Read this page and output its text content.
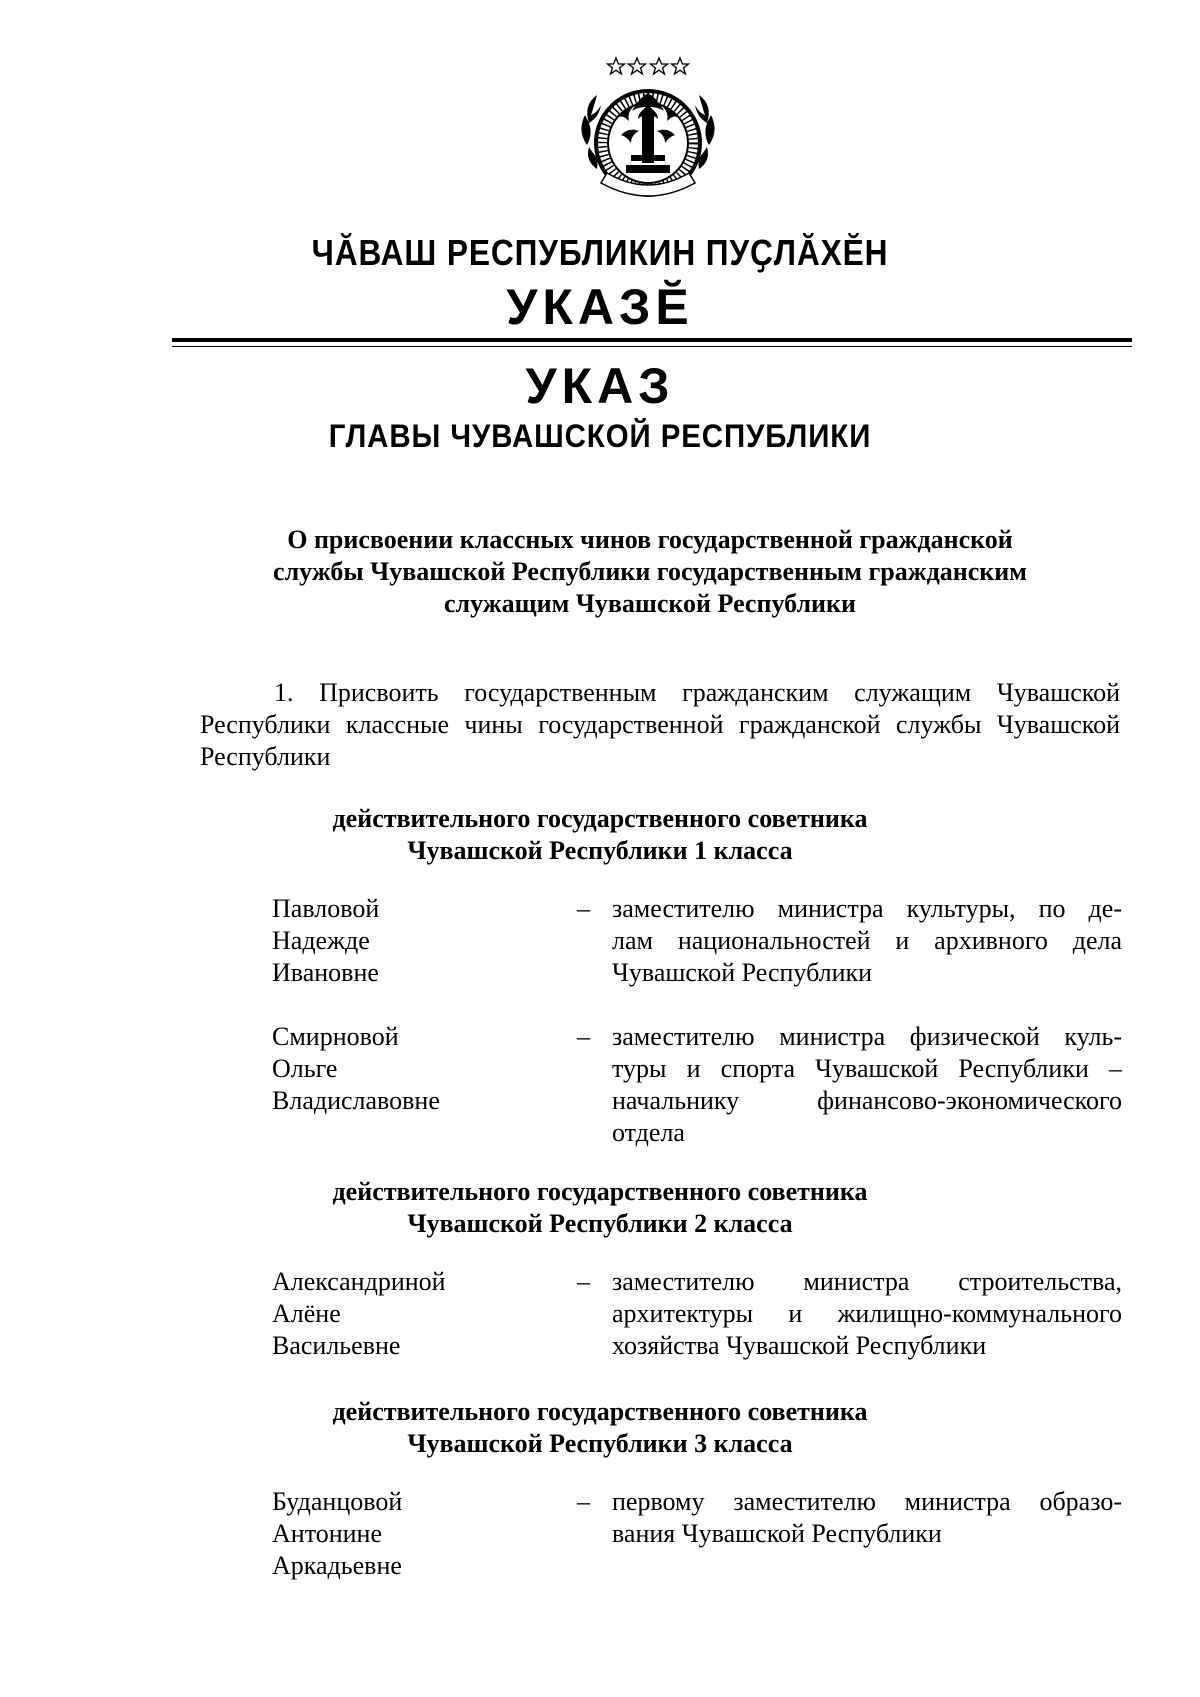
ЧĂВАШ РЕСПУБЛИКИН ПУҪЛĂХĔН
УКАЗĔ
УКАЗ
ГЛАВЫ ЧУВАШСКОЙ РЕСПУБЛИКИ
О присвоении классных чинов государственной гражданской
службы Чувашской Республики государственным гражданским
служащим Чувашской Республики
1. Присвоить государственным гражданским служащим Чувашской Республики классные чины государственной гражданской службы Чувашской Республики
действительного государственного советника
Чувашской Республики 1 класса
Павловой
Надежде
Ивановне
– заместителю министра культуры, по де-
лам национальностей и архивного дела
Чувашской Республики
Смирновой
Ольге
Владиславовне
– заместителю министра физической куль-
туры и спорта Чувашской Республики –
начальнику финансово-экономического
отдела
действительного государственного советника
Чувашской Республики 2 класса
Александриной
Алёне
Васильевне
– заместителю министра строительства,
архитектуры и жилищно-коммунального
хозяйства Чувашской Республики
действительного государственного советника
Чувашской Республики 3 класса
Буданцовой
Антонине
Аркадьевне
– первому заместителю министра образо-
вания Чувашской Республики
